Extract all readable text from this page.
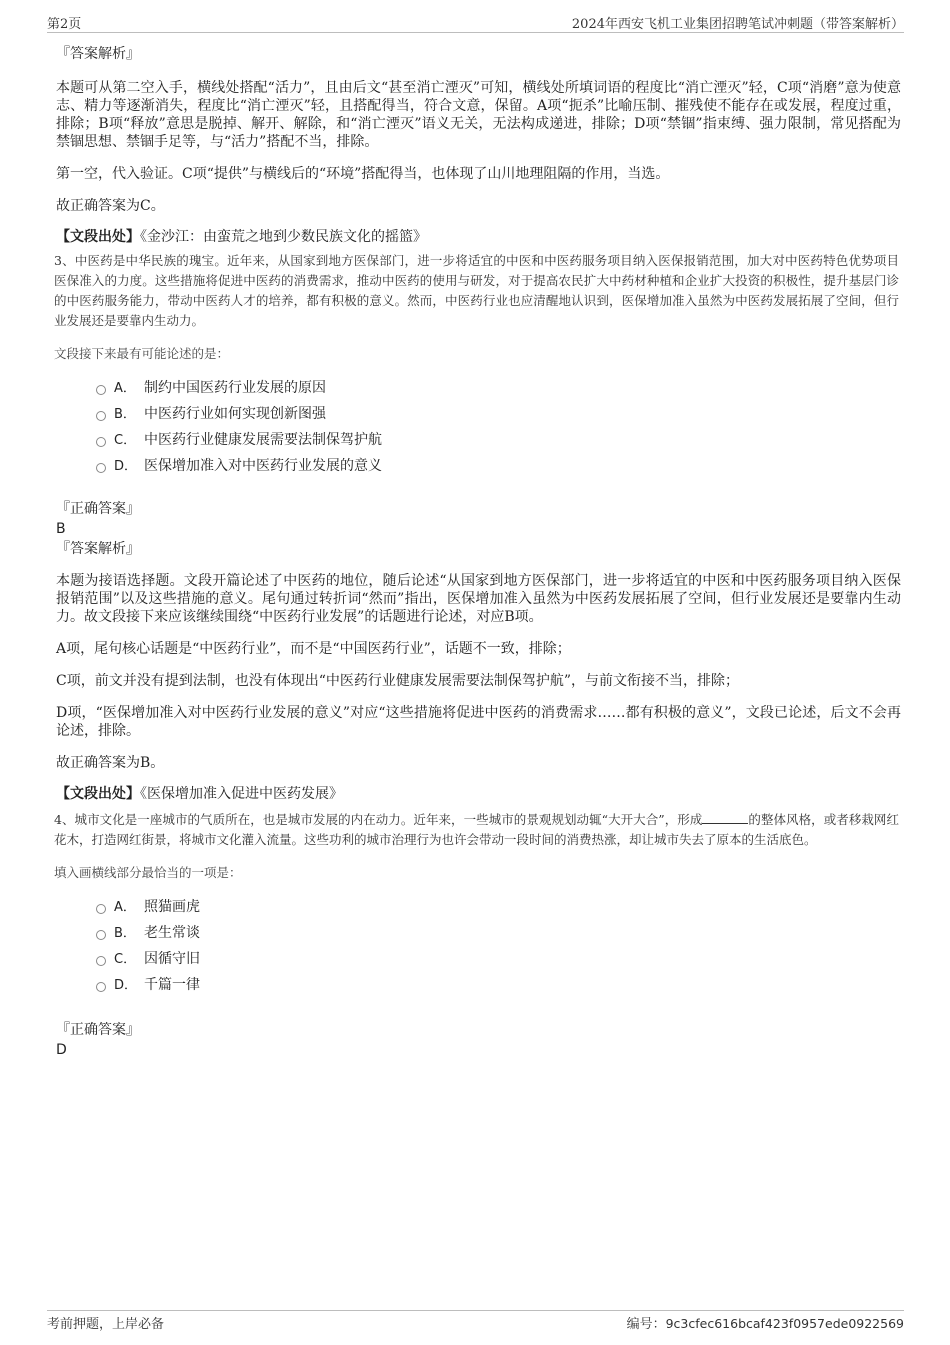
第2页	2024年西安飞机工业集团招聘笔试冲刺题（带答案解析）

『答案解析』

本题可从第二空入手，横线处搭配“活力”，且由后文“甚至消亡湮灭”可知，横线处所填词语的程度比“消亡湮灭”轻，C项“消磨”意为使意志、精力等逐渐消失，程度比“消亡湮灭”轻，且搭配得当，符合文意，保留。A项“扼杀”比喻压制、摧残使不能存在或发展，程度过重，排除；B项“释放”意思是脱掉、解开、解除，和“消亡湮灭”语义无关，无法构成递进，排除；D项“禁锢”指束缚、强力限制，常见搭配为禁锢思想、禁锢手足等，与“活力”搭配不当，排除。

第一空，代入验证。C项“提供”与横线后的“环境”搭配得当，也体现了山川地理阻隔的作用，当选。

故正确答案为C。

【文段出处】《金沙江：由蛮荒之地到少数民族文化的摇篮》

3、中医药是中华民族的瑰宝。近年来，从国家到地方医保部门，进一步将适宜的中医和中医药服务项目纳入医保报销范围，加大对中医药特色优势项目医保准入的力度。这些措施将促进中医药的消费需求，推动中医药的使用与研发，对于提高农民扩大中药材种植和企业扩大投资的积极性，提升基层门诊的中医药服务能力，带动中医药人才的培养，都有积极的意义。然而，中医药行业也应清醒地认识到，医保增加准入虽然为中医药发展拓展了空间，但行业发展还是要靠内生动力。

文段接下来最有可能论述的是：

A． 制约中国医药行业发展的原因
B． 中医药行业如何实现创新图强
C． 中医药行业健康发展需要法制保驾护航
D． 医保增加准入对中医药行业发展的意义

『正确答案』

B

『答案解析』

本题为接语选择题。文段开篇论述了中医药的地位，随后论述“从国家到地方医保部门，进一步将适宜的中医和中医药服务项目纳入医保报销范围”以及这些措施的意义。尾句通过转折词“然而”指出，医保增加准入虽然为中医药发展拓展了空间，但行业发展还是要靠内生动力。故文段接下来应该继续围绕“中医药行业发展”的话题进行论述，对应B项。

A项，尾句核心话题是“中医药行业”，而不是“中国医药行业”，话题不一致，排除；

C项，前文并没有提到法制，也没有体现出“中医药行业健康发展需要法制保驾护航”，与前文衔接不当，排除；

D项，“医保增加准入对中医药行业发展的意义”对应“这些措施将促进中医药的消费需求……都有积极的意义”，文段已论述，后文不会再论述，排除。

故正确答案为B。

【文段出处】《医保增加准入促进中医药发展》

4、城市文化是一座城市的气质所在，也是城市发展的内在动力。近年来，一些城市的景观规划动辄“大开大合”，形成	的整体风格，或者移栽网红花木，打造网红街景，将城市文化灌入流量。这些功利的城市治理行为也许会带动一段时间的消费热涨，却让城市失去了原本的生活底色。

填入画横线部分最恰当的一项是：

A． 照猫画虎
B． 老生常谈
C． 因循守旧
D． 千篇一律

『正确答案』

D

考前押题，上岸必备	编号：9c3cfec616bcaf423f0957ede0922569
